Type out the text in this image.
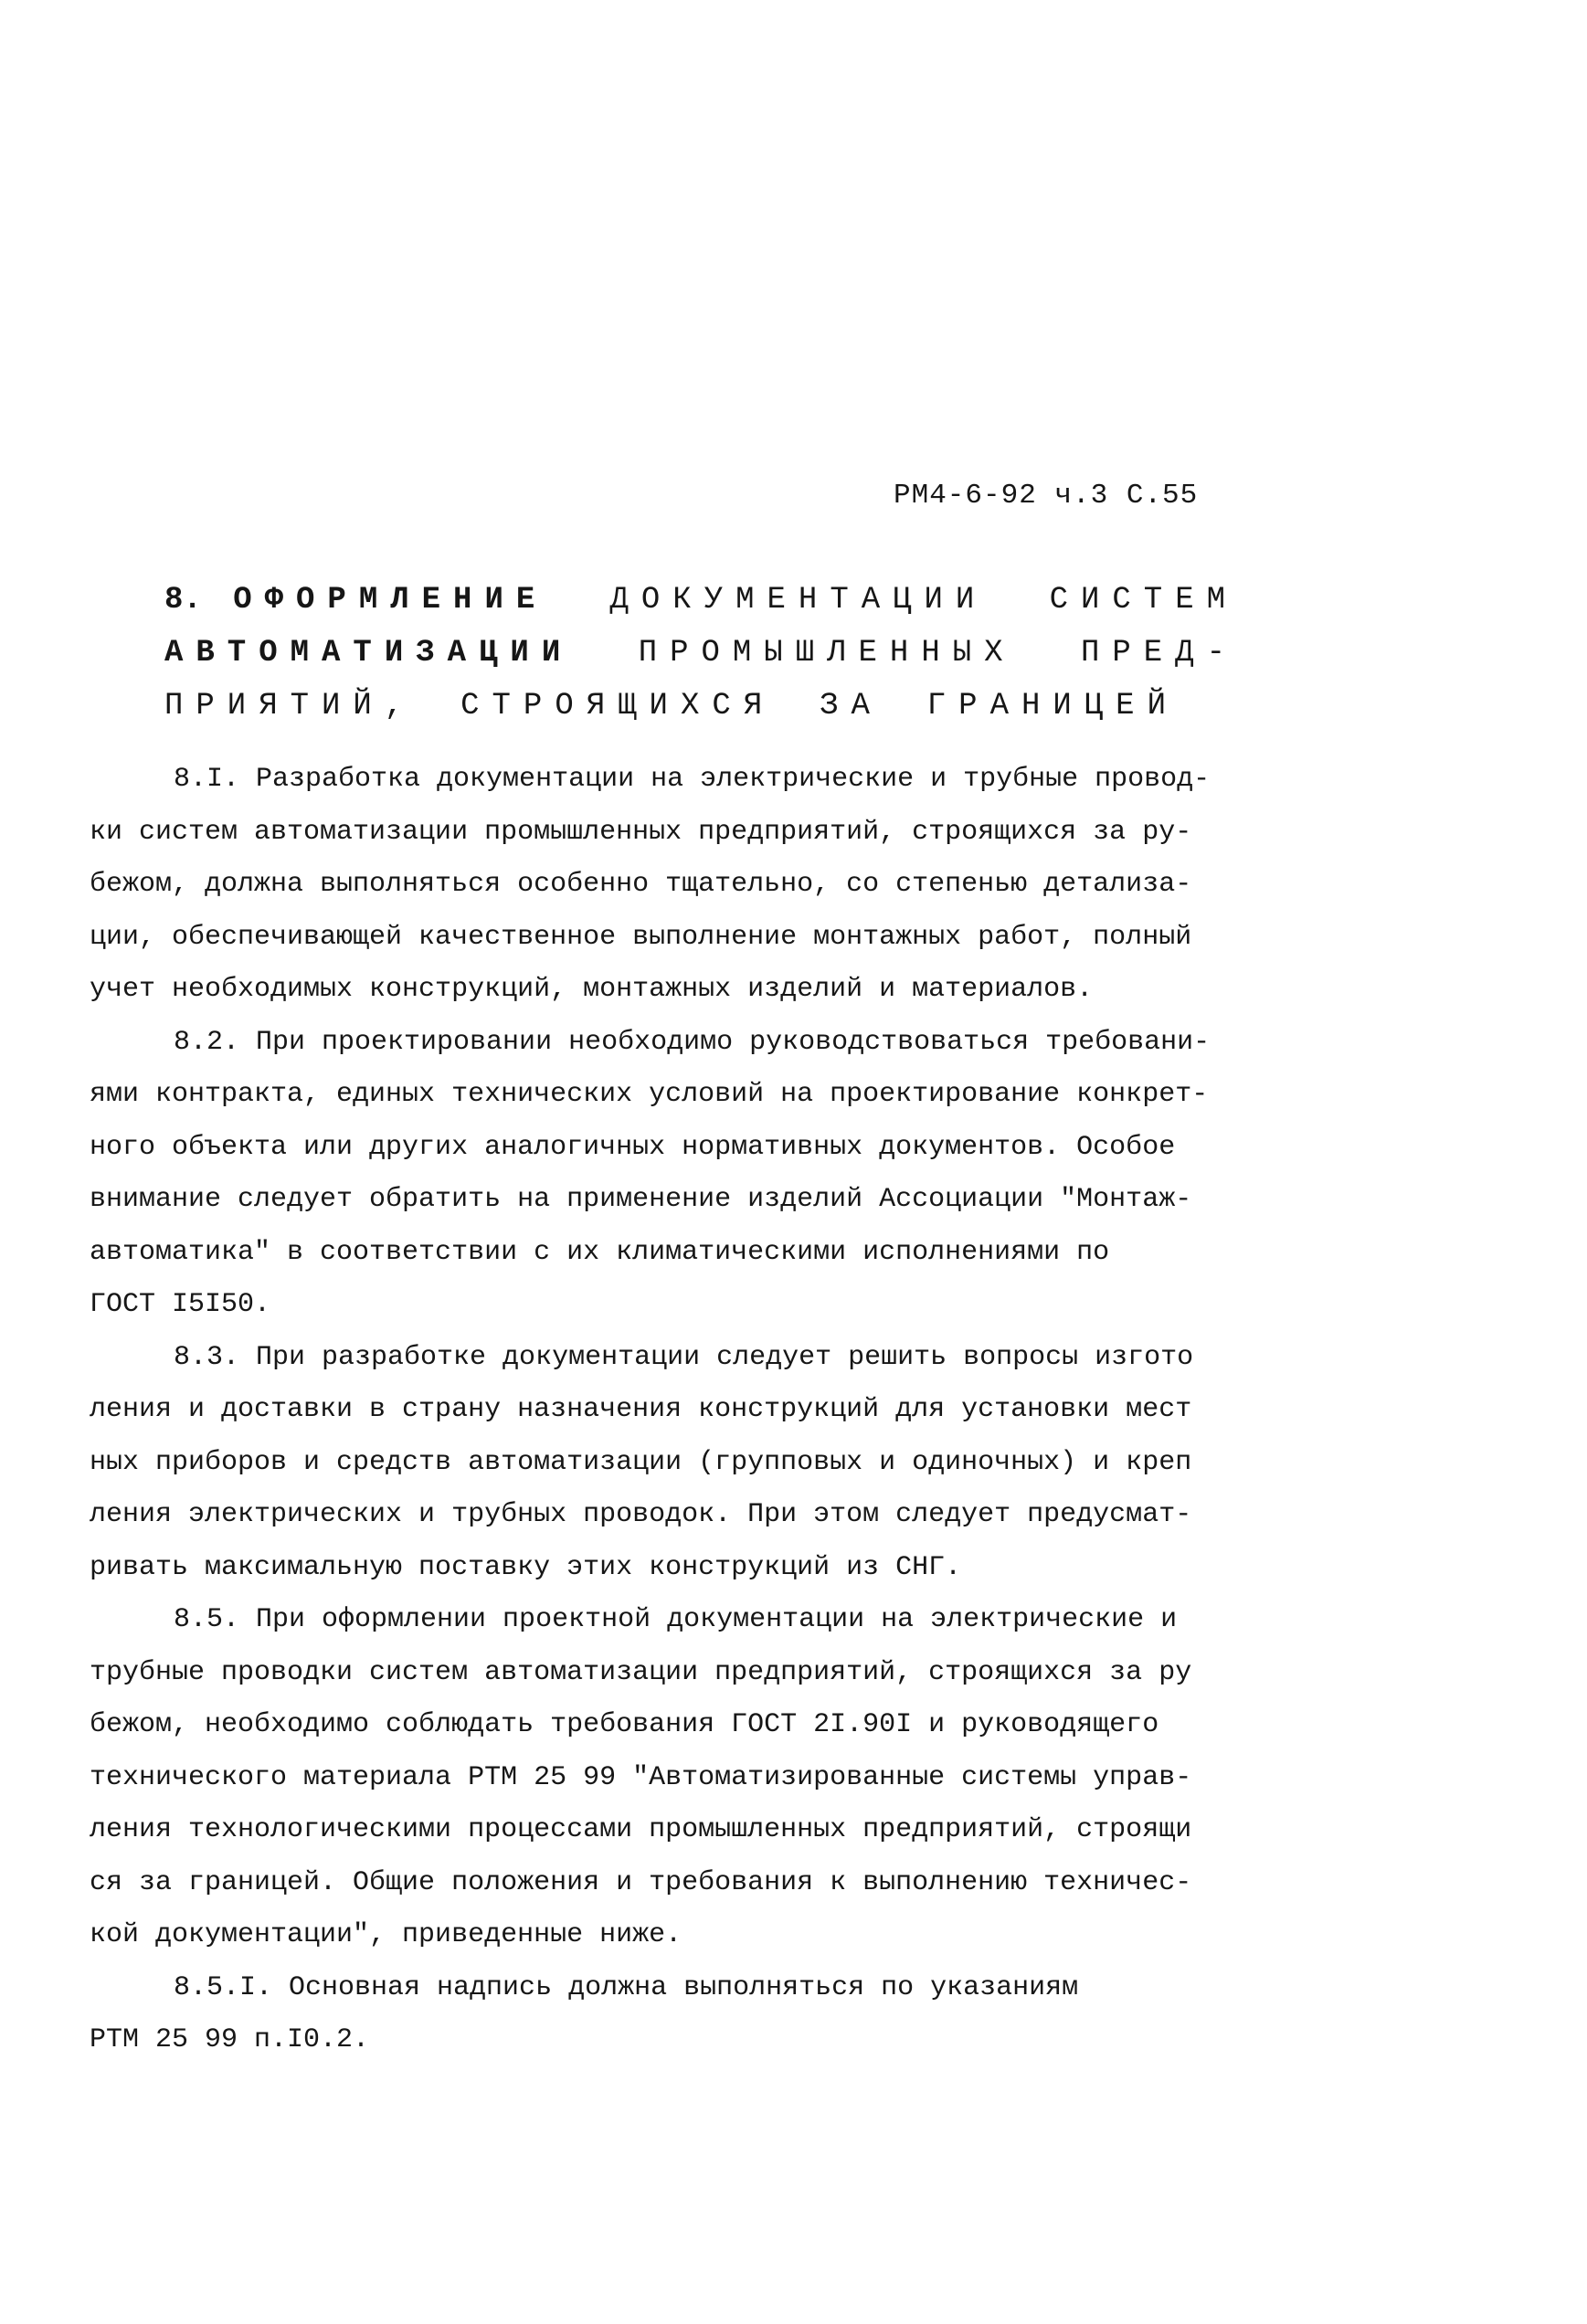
РМ4-6-92 ч.3 С.55
8. ОФОРМЛЕНИЕ ДОКУМЕНТАЦИИ СИСТЕМ
АВТОМАТИЗАЦИИ ПРОМЫШЛЕННЫХ ПРЕД-
ПРИЯТИЙ, СТРОЯЩИХСЯ ЗА ГРАНИЦЕЙ

8.I. Разработка документации на электрические и трубные провод-

ки систем автоматизации промышленных предприятий, строящихся за ру-

бежом, должна выполняться особенно тщательно, со степенью детализа-

ции, обеспечивающей качественное выполнение монтажных работ, полный

учет необходимых конструкций, монтажных изделий и материалов.

8.2. При проектировании необходимо руководствоваться требовани-

ями контракта, единых технических условий на проектирование конкрет-

ного объекта или других аналогичных нормативных документов. Особое

внимание следует обратить на применение изделий Ассоциации "Монтаж-

автоматика" в соответствии с их климатическими исполнениями по

ГОСТ I5I50.

8.3. При разработке документации следует решить вопросы изгото

ления и доставки в страну назначения конструкций для установки мест

ных приборов и средств автоматизации (групповых и одиночных) и креп

ления электрических и трубных проводок. При этом следует предусмат-

ривать максимальную поставку этих конструкций из СНГ.

8.5. При оформлении проектной документации на электрические и

трубные проводки систем автоматизации предприятий, строящихся за ру

бежом, необходимо соблюдать требования ГОСТ 2I.90I и руководящего

технического материала РТМ 25 99 "Автоматизированные системы управ-

ления технологическими процессами промышленных предприятий, строящи

ся за границей. Общие положения и требования к выполнению техничес-

кой документации", приведенные ниже.

8.5.I. Основная надпись должна выполняться по указаниям

РТМ 25 99 п.I0.2.
